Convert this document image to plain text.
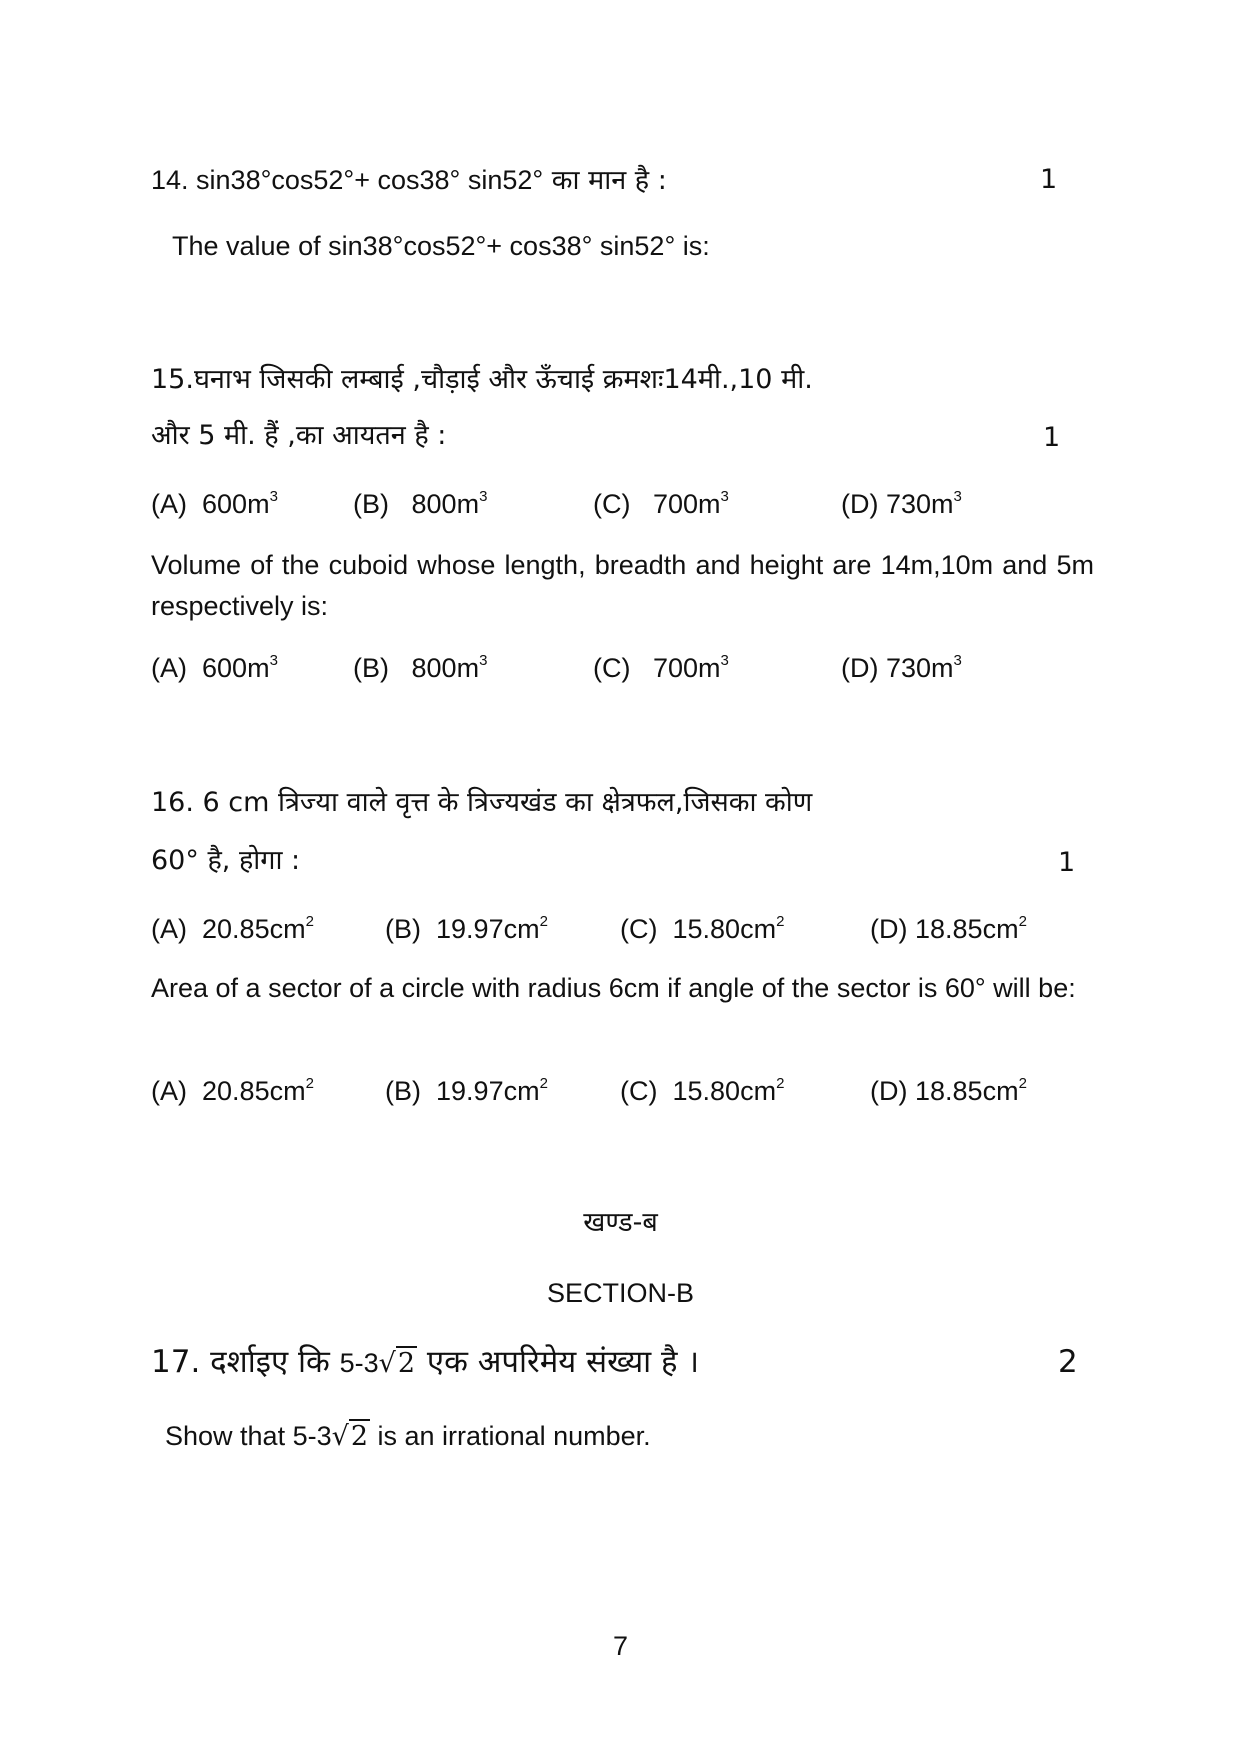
14. sin38°cos52°+ cos38° sin52° का मान है :	1
The value of sin38°cos52°+ cos38° sin52° is:
15.घनाभ जिसकी लम्बाई ,चौड़ाई और ऊँचाई क्रमशः14मी.,10 मी.
और 5 मी. हैं ,का आयतन है :	1
(A) $600m^3$	(B) $800m^3$	(C) $700m^3$	(D) $730m^3$
Volume of the cuboid whose length, breadth and height are 14m,10m and 5m respectively is:
(A) $600m^3$	(B) $800m^3$	(C) $700m^3$	(D) $730m^3$
16. 6 cm त्रिज्या वाले वृत्त के त्रिज्यखंड का क्षेत्रफल,जिसका कोण
60° है, होगा :	1
(A) $20.85cm^2$	(B) $19.97cm^2$	(C) $15.80cm^2$	(D) $18.85cm^2$
Area of a sector of a circle with radius 6cm if angle of the sector is 60° will be:
(A) $20.85cm^2$	(B) $19.97cm^2$	(C) $15.80cm^2$	(D) $18.85cm^2$
खण्ड-ब
SECTION-B
17. दर्शाइए कि 5-3√2 एक अपरिमेय संख्या है ।	2
Show that 5-3√2 is an irrational number.
7
